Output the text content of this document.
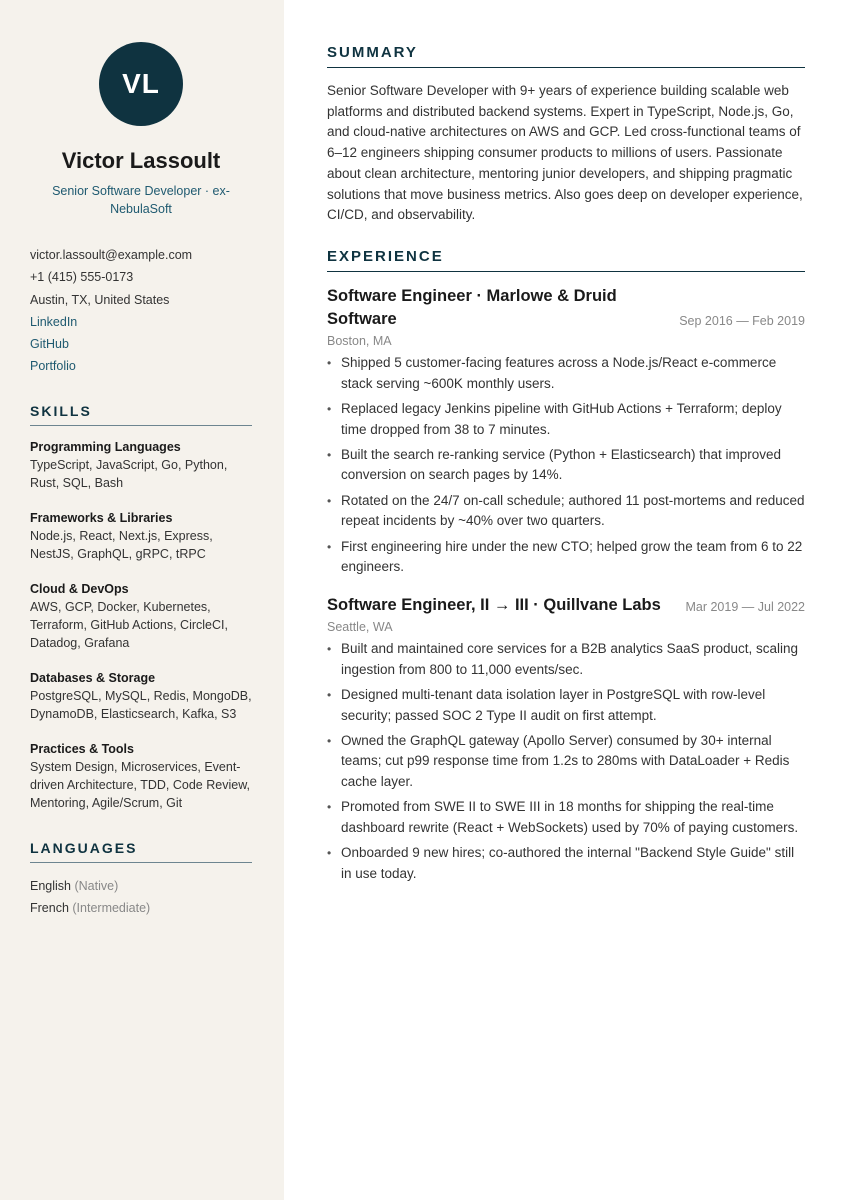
VL
Victor Lassoult
Senior Software Developer · ex-NebulaSoft
victor.lassoult@example.com
+1 (415) 555-0173
Austin, TX, United States
LinkedIn
GitHub
Portfolio
SKILLS
Programming Languages
TypeScript, JavaScript, Go, Python, Rust, SQL, Bash
Frameworks & Libraries
Node.js, React, Next.js, Express, NestJS, GraphQL, gRPC, tRPC
Cloud & DevOps
AWS, GCP, Docker, Kubernetes, Terraform, GitHub Actions, CircleCI, Datadog, Grafana
Databases & Storage
PostgreSQL, MySQL, Redis, MongoDB, DynamoDB, Elasticsearch, Kafka, S3
Practices & Tools
System Design, Microservices, Event-driven Architecture, TDD, Code Review, Mentoring, Agile/Scrum, Git
LANGUAGES
English (Native)
French (Intermediate)
SUMMARY

Senior Software Developer with 9+ years of experience building scalable web platforms and distributed backend systems. Expert in TypeScript, Node.js, Go, and cloud-native architectures on AWS and GCP. Led cross-functional teams of 6–12 engineers shipping consumer products to millions of users. Passionate about clean architecture, mentoring junior developers, and shipping pragmatic solutions that move business metrics. Also goes deep on developer experience, CI/CD, and observability.

EXPERIENCE
Software Engineer · Marlowe & Druid Software	Sep 2016 — Feb 2019
Boston, MA
• Shipped 5 customer-facing features across a Node.js/React e-commerce stack serving ~600K monthly users.
• Replaced legacy Jenkins pipeline with GitHub Actions + Terraform; deploy time dropped from 38 to 7 minutes.
• Built the search re-ranking service (Python + Elasticsearch) that improved conversion on search pages by 14%.
• Rotated on the 24/7 on-call schedule; authored 11 post-mortems and reduced repeat incidents by ~40% over two quarters.
• First engineering hire under the new CTO; helped grow the team from 6 to 22 engineers.
Software Engineer, II → III · Quillvane Labs Mar 2019 — Jul 2022
Seattle, WA
• Built and maintained core services for a B2B analytics SaaS product, scaling ingestion from 800 to 11,000 events/sec.
• Designed multi-tenant data isolation layer in PostgreSQL with row-level security; passed SOC 2 Type II audit on first attempt.
• Owned the GraphQL gateway (Apollo Server) consumed by 30+ internal teams; cut p99 response time from 1.2s to 280ms with DataLoader + Redis cache layer.
• Promoted from SWE II to SWE III in 18 months for shipping the real-time dashboard rewrite (React + WebSockets) used by 70% of paying customers.
• Onboarded 9 new hires; co-authored the internal "Backend Style Guide" still in use today.
